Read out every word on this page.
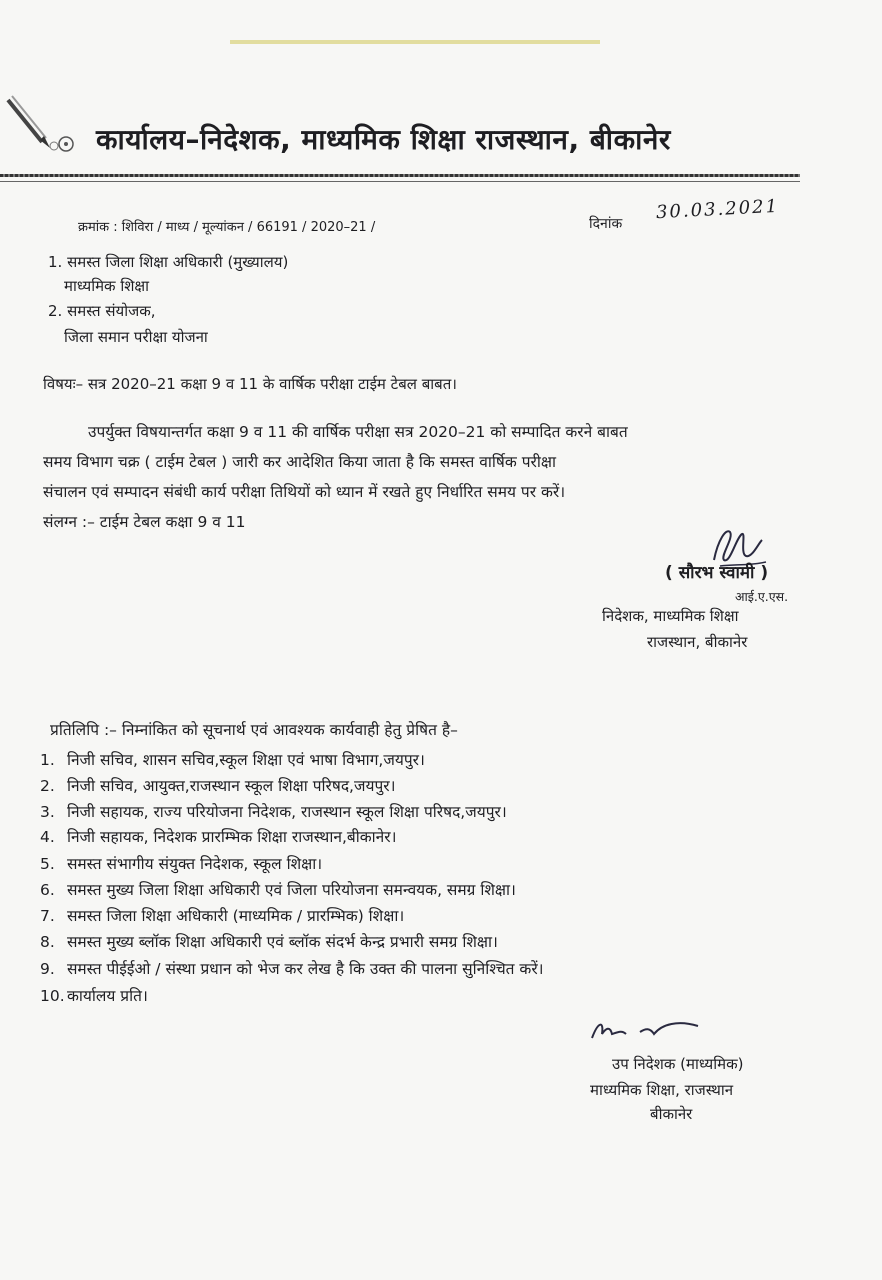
कार्यालय–निदेशक, माध्यमिक शिक्षा राजस्थान, बीकानेर
क्रमांक : शिविरा / माध्य / मूल्यांकन / 66191 / 2020–21 /	दिनांक
30.03.2021
1. समस्त जिला शिक्षा अधिकारी (मुख्यालय)
माध्यमिक शिक्षा
2. समस्त संयोजक,
जिला समान परीक्षा योजना
विषयः– सत्र 2020–21 कक्षा 9 व 11 के वार्षिक परीक्षा टाईम टेबल बाबत।
उपर्युक्त विषयान्तर्गत कक्षा 9 व 11 की वार्षिक परीक्षा सत्र 2020–21 को सम्पादित करने बाबत
समय विभाग चक्र ( टाईम टेबल ) जारी कर आदेशित किया जाता है कि समस्त वार्षिक परीक्षा
संचालन एवं सम्पादन संबंधी कार्य परीक्षा तिथियों को ध्यान में रखते हुए निर्धारित समय पर करें।
संलग्न :– टाईम टेबल कक्षा 9 व 11
( सौरभ स्वामी )
आई.ए.एस.
निदेशक, माध्यमिक शिक्षा
राजस्थान, बीकानेर
प्रतिलिपि :– निम्नांकित को सूचनार्थ एवं आवश्यक कार्यवाही हेतु प्रेषित है–
1. निजी सचिव, शासन सचिव,स्कूल शिक्षा एवं भाषा विभाग,जयपुर।
2. निजी सचिव, आयुक्त,राजस्थान स्कूल शिक्षा परिषद,जयपुर।
3. निजी सहायक, राज्य परियोजना निदेशक, राजस्थान स्कूल शिक्षा परिषद,जयपुर।
4. निजी सहायक, निदेशक प्रारम्भिक शिक्षा राजस्थान,बीकानेर।
5. समस्त संभागीय संयुक्त निदेशक, स्कूल शिक्षा।
6. समस्त मुख्य जिला शिक्षा अधिकारी एवं जिला परियोजना समन्वयक, समग्र शिक्षा।
7. समस्त जिला शिक्षा अधिकारी (माध्यमिक / प्रारम्भिक) शिक्षा।
8. समस्त मुख्य ब्लॉक शिक्षा अधिकारी एवं ब्लॉक संदर्भ केन्द्र प्रभारी समग्र शिक्षा।
9. समस्त पीईईओ / संस्था प्रधान को भेज कर लेख है कि उक्त की पालना सुनिश्चित करें।
10. कार्यालय प्रति।
उप निदेशक (माध्यमिक)
माध्यमिक शिक्षा, राजस्थान
बीकानेर
